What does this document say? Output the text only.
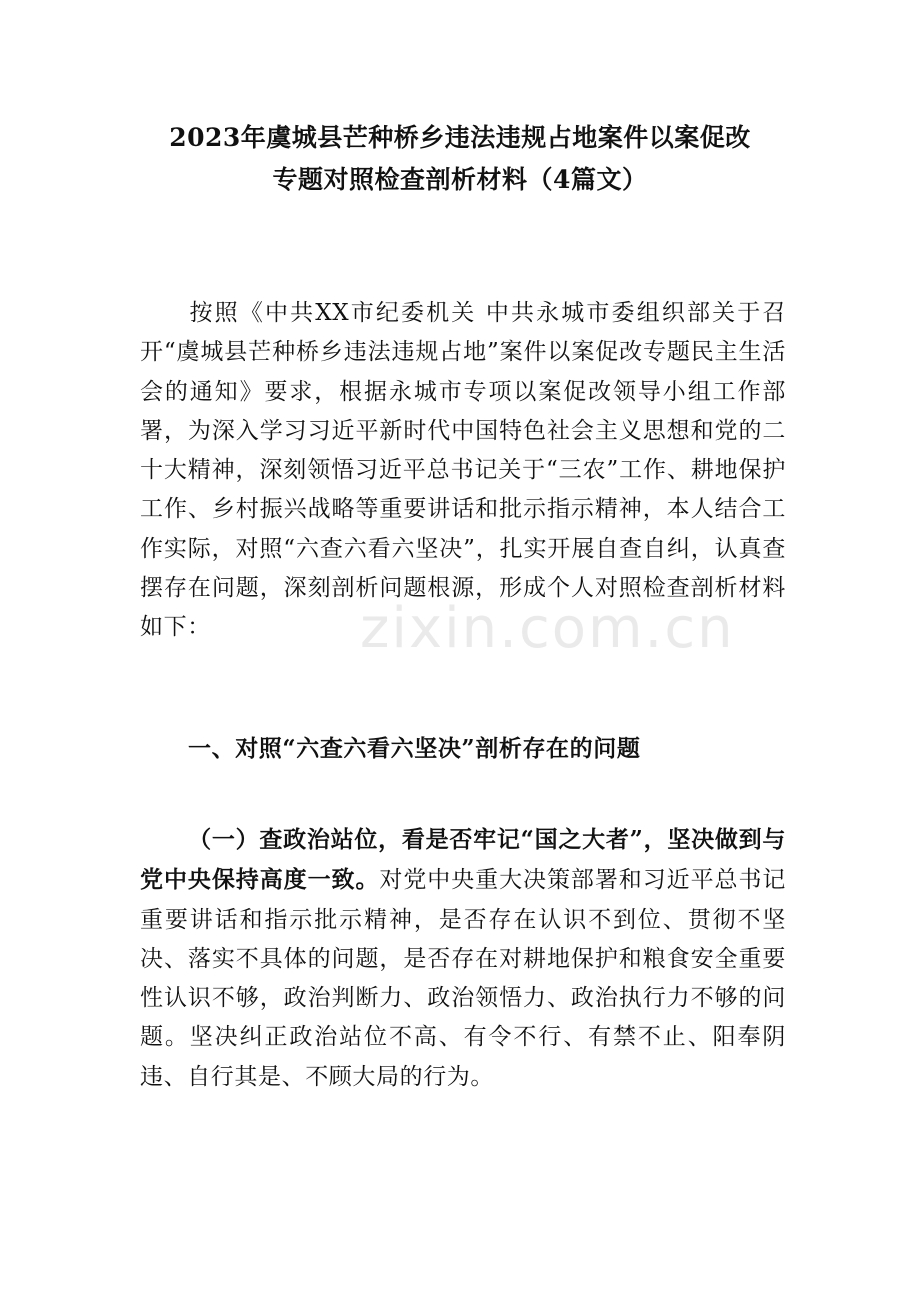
2023年虞城县芒种桥乡违法违规占地案件以案促改
专题对照检查剖析材料（4篇文）
按照《中共XX市纪委机关 中共永城市委组织部关于召开“虞城县芒种桥乡违法违规占地”案件以案促改专题民主生活会的通知》要求，根据永城市专项以案促改领导小组工作部署，为深入学习习近平新时代中国特色社会主义思想和党的二十大精神，深刻领悟习近平总书记关于“三农”工作、耕地保护工作、乡村振兴战略等重要讲话和批示指示精神，本人结合工作实际，对照“六查六看六坚决”，扎实开展自查自纠，认真查摆存在问题，深刻剖析问题根源，形成个人对照检查剖析材料如下：
一、对照“六查六看六坚决”剖析存在的问题
（一）查政治站位，看是否牢记“国之大者”，坚决做到与党中央保持高度一致。对党中央重大决策部署和习近平总书记重要讲话和指示批示精神，是否存在认识不到位、贯彻不坚决、落实不具体的问题，是否存在对耕地保护和粮食安全重要性认识不够，政治判断力、政治领悟力、政治执行力不够的问题。坚决纠正政治站位不高、有令不行、有禁不止、阳奉阴违、自行其是、不顾大局的行为。
zixin.com.cn
